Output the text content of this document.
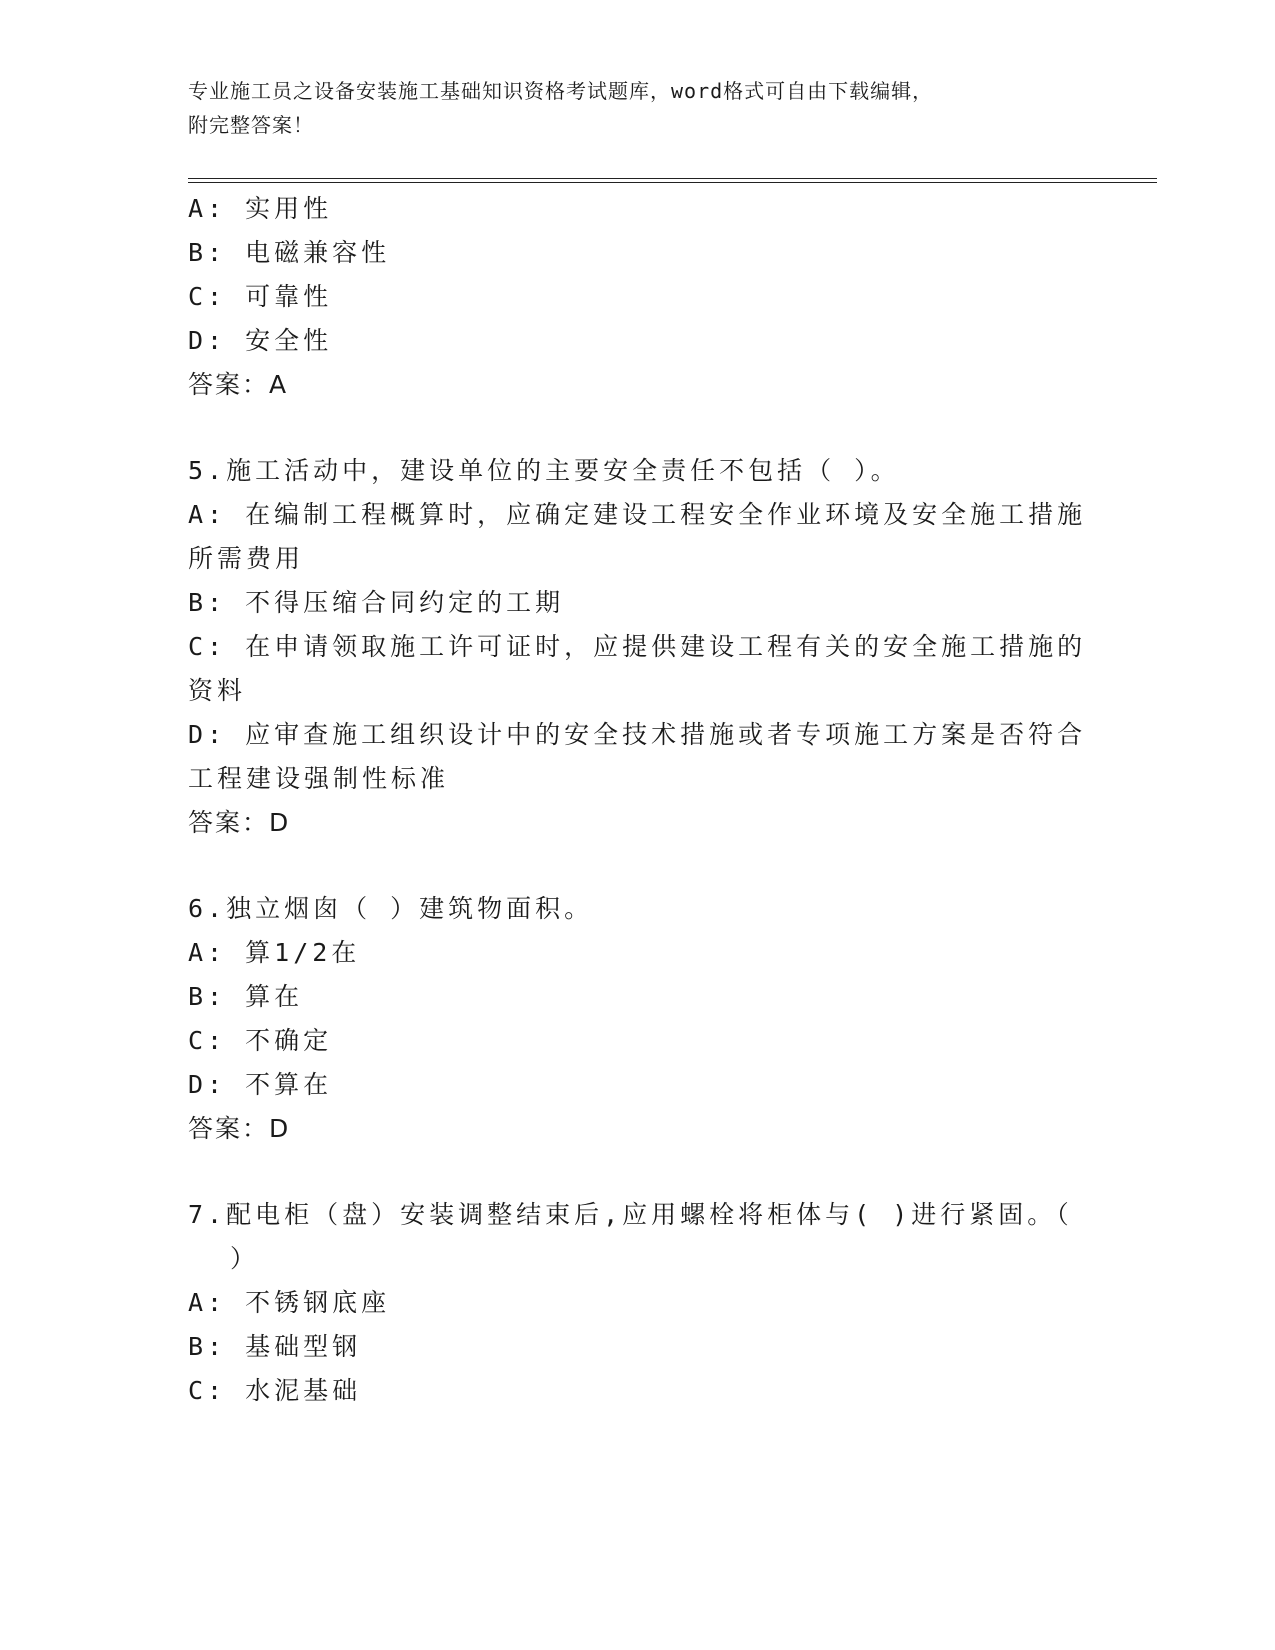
专业施工员之设备安装施工基础知识资格考试题库，word格式可自由下载编辑，
附完整答案！
A: 实用性
B: 电磁兼容性
C: 可靠性
D: 安全性
答案：A
5.施工活动中，建设单位的主要安全责任不包括（ ）。
A: 在编制工程概算时，应确定建设工程安全作业环境及安全施工措施
所需费用
B: 不得压缩合同约定的工期
C: 在申请领取施工许可证时，应提供建设工程有关的安全施工措施的
资料
D: 应审查施工组织设计中的安全技术措施或者专项施工方案是否符合
工程建设强制性标准
答案：D
6.独立烟囱（ ）建筑物面积。
A: 算1/2在
B: 算在
C: 不确定
D: 不算在
答案：D
7.配电柜（盘）安装调整结束后,应用螺栓将柜体与( )进行紧固。（
）
A: 不锈钢底座
B: 基础型钢
C: 水泥基础
